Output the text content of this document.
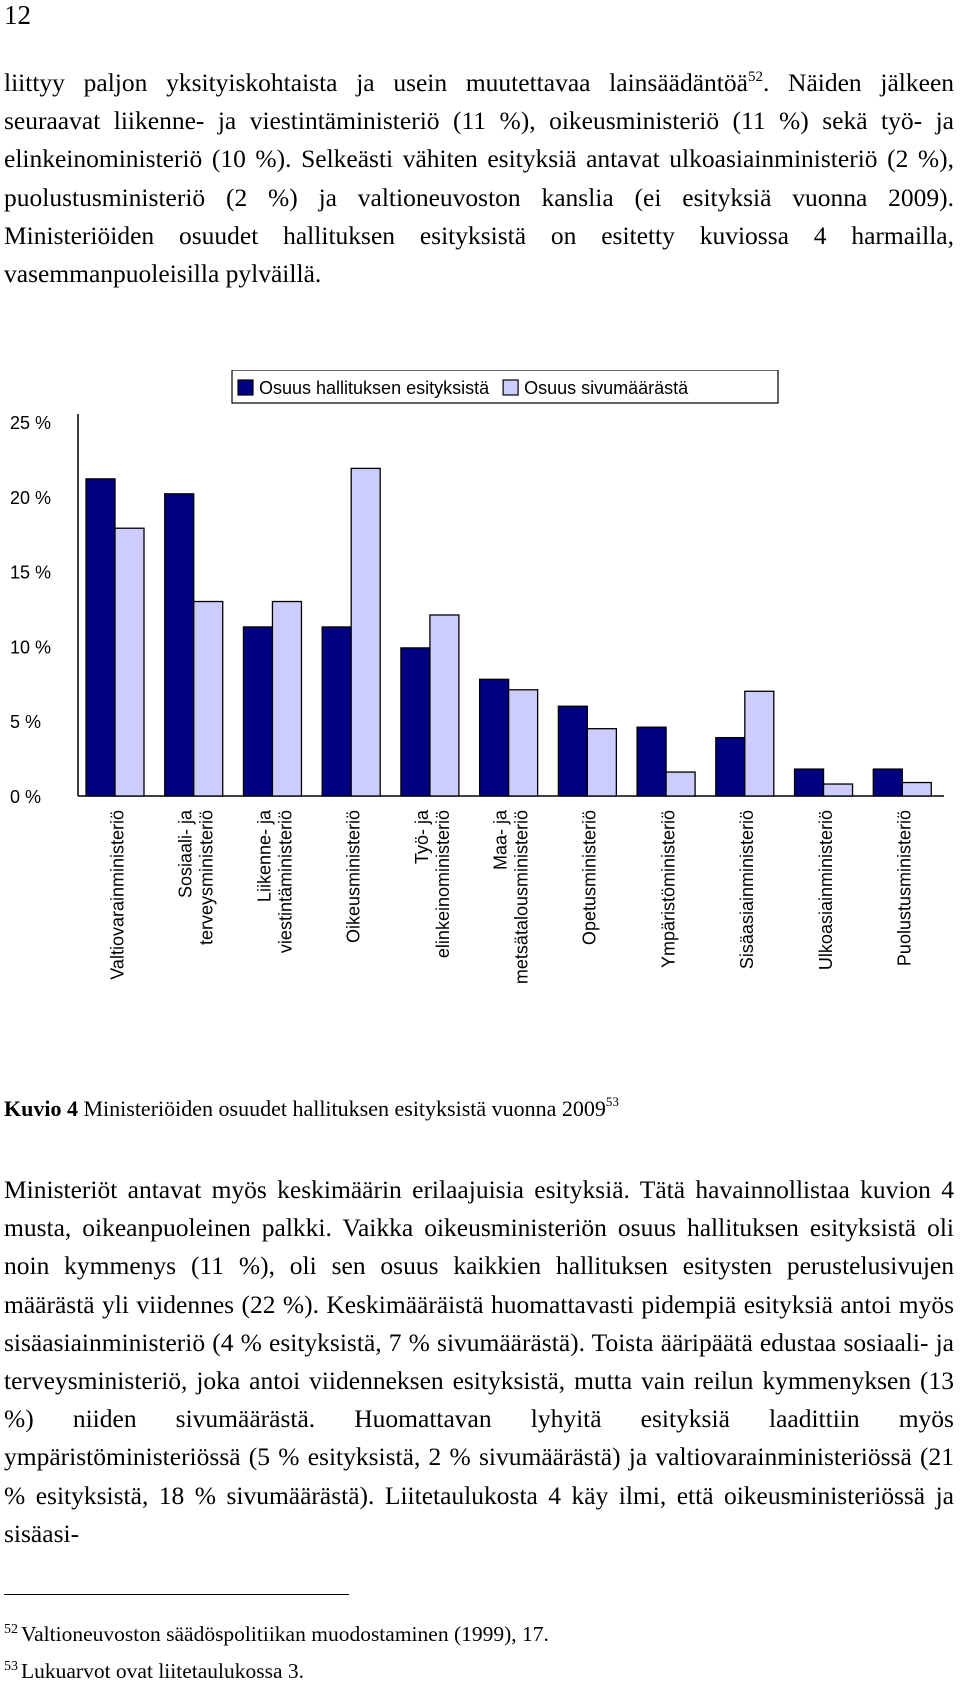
12

liittyy paljon yksityiskohtaista ja usein muutettavaa lainsäädäntöä$^{52}$. Näiden jälkeen seuraavat liikenne- ja viestintäministeriö (11 %), oikeusministeriö (11 %) sekä työ- ja elinkeinoministeriö (10 %). Selkeästi vähiten esityksiä antavat ulkoasiainministeriö (2 %), puolustusministeriö (2 %) ja valtioneuvoston kanslia (ei esityksiä vuonna 2009). Ministeriöiden osuudet hallituksen esityksistä on esitetty kuviossa 4 harmailla, vasemmanpuoleisilla pylväillä.

0 %
5 %
10 %
15 %
20 %
25 %
Valtiovarainministeriö	Sosiaali- jaterveysministeriö Liikenne- javiestintäministeriö	Oikeusministeriö	Työ- jaelinkeinoministeriö Maa- jametsätalousministeriö	Opetusministeriö	Ympäristöministeriö	Sisäasiainministeriö	Ulkoasiainministeriö	Puolustusministeriö
Osuus hallituksen esityksistä Osuus sivumäärästä
Kuvio 4 Ministeriöiden osuudet hallituksen esityksistä vuonna 2009$^{53}$

Ministeriöt antavat myös keskimäärin erilaajuisia esityksiä. Tätä havainnollistaa kuvion 4 musta, oikeanpuoleinen palkki. Vaikka oikeusministeriön osuus hallituksen esityksistä oli noin kymmenys (11 %), oli sen osuus kaikkien hallituksen esitysten perustelusivujen määrästä yli viidennes (22 %). Keskimääräistä huomattavasti pidempiä esityksiä antoi myös sisäasiainministeriö (4 % esityksistä, 7 % sivumäärästä). Toista ääripäätä edustaa sosiaali- ja terveysministeriö, joka antoi viidenneksen esityksistä, mutta vain reilun kymmenyksen (13 %) niiden sivumäärästä. Huomattavan lyhyitä esityksiä laadittiin myös ympäristöministeriössä (5 % esityksistä, 2 % sivumäärästä) ja valtiovarainministeriössä (21 % esityksistä, 18 % sivumäärästä). Liitetaulukosta 4 käy ilmi, että oikeusministeriössä ja sisäasi-

$^{52}$ Valtioneuvoston säädöspolitiikan muodostaminen (1999), 17.
$^{53}$ Lukuarvot ovat liitetaulukossa 3.
